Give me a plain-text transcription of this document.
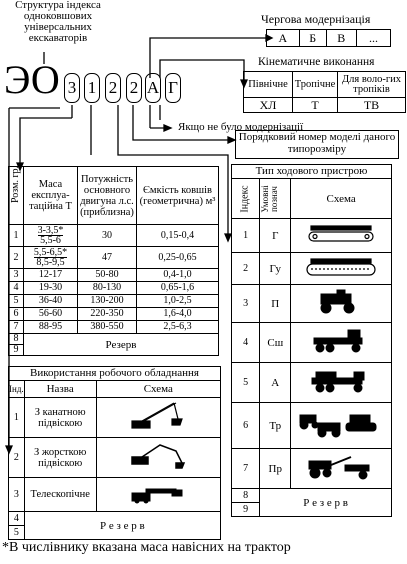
Структура індекса одноковшових універсальних екскаваторів
Чергова модернізація
А	Б	В	...
Кінематичне виконання
Північне	Тропічне	Для воло-гих тропіків
ХЛ	Т	ТВ
Якщо не було модернізації
Порядковий номер моделі даного типорозміру
ЭО 3 1 2 2 А Г
Розм. гр.	Маса експлуа-таційна Т	Потужність основного двигуна л.с. (приблизна)	Ємкість ковшів (геометрична) м³
1	$\frac{3-3,5*}{5,5-6}$	30	0,15-0,4
2	$\frac{5,5-6,5*}{8,5-9,5}$	47	0,25-0,65
3	12-17	50-80	0,4-1,0
4	19-30	80-130	0,65-1,6
5	36-40	130-200	1,0-2,5
6	56-60	220-350	1,6-4,0
7	88-95	380-550	2,5-6,3
8	Резерв		
9			
Використання робочого обладнання
Інд.	Назва	Схема
1	З канатною підвіскою	
2	З жорсткою підвіскою	
3	Телескопічне	
4	Р е з е р в	
5		
Тип ходового пристрою
Індекс	Умовні познач	Схема
1	Г	
2	Гу	
3	П	
4	Сш	
5	А	
6	Тр	
7	Пр	
8	Р е з е р в	
9		
*В числівнику вказана маса навісних на трактор
